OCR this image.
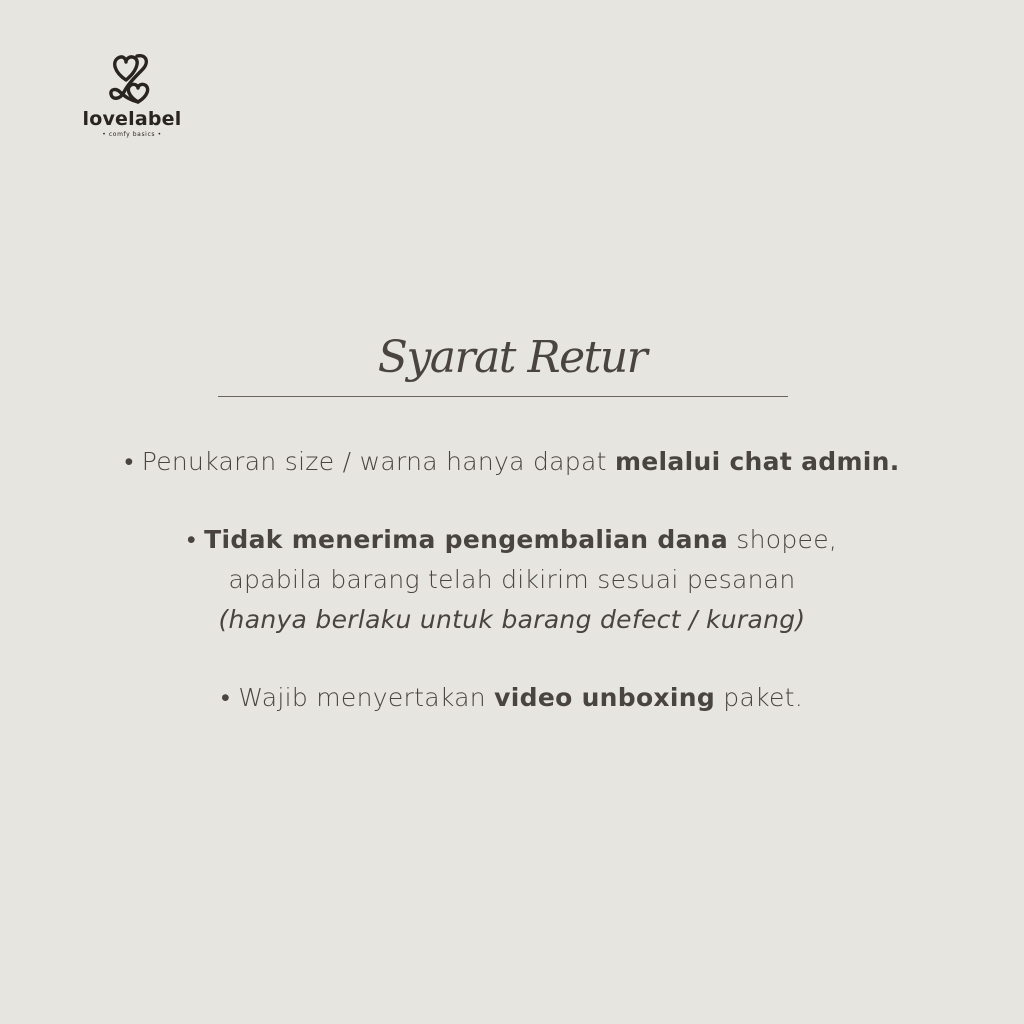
lovelabel
• comfy basics •
Syarat Retur
• Penukaran size / warna hanya dapat melalui chat admin.
• Tidak menerima pengembalian dana shopee,
apabila barang telah dikirim sesuai pesanan
(hanya berlaku untuk barang defect / kurang)
• Wajib menyertakan video unboxing paket.
